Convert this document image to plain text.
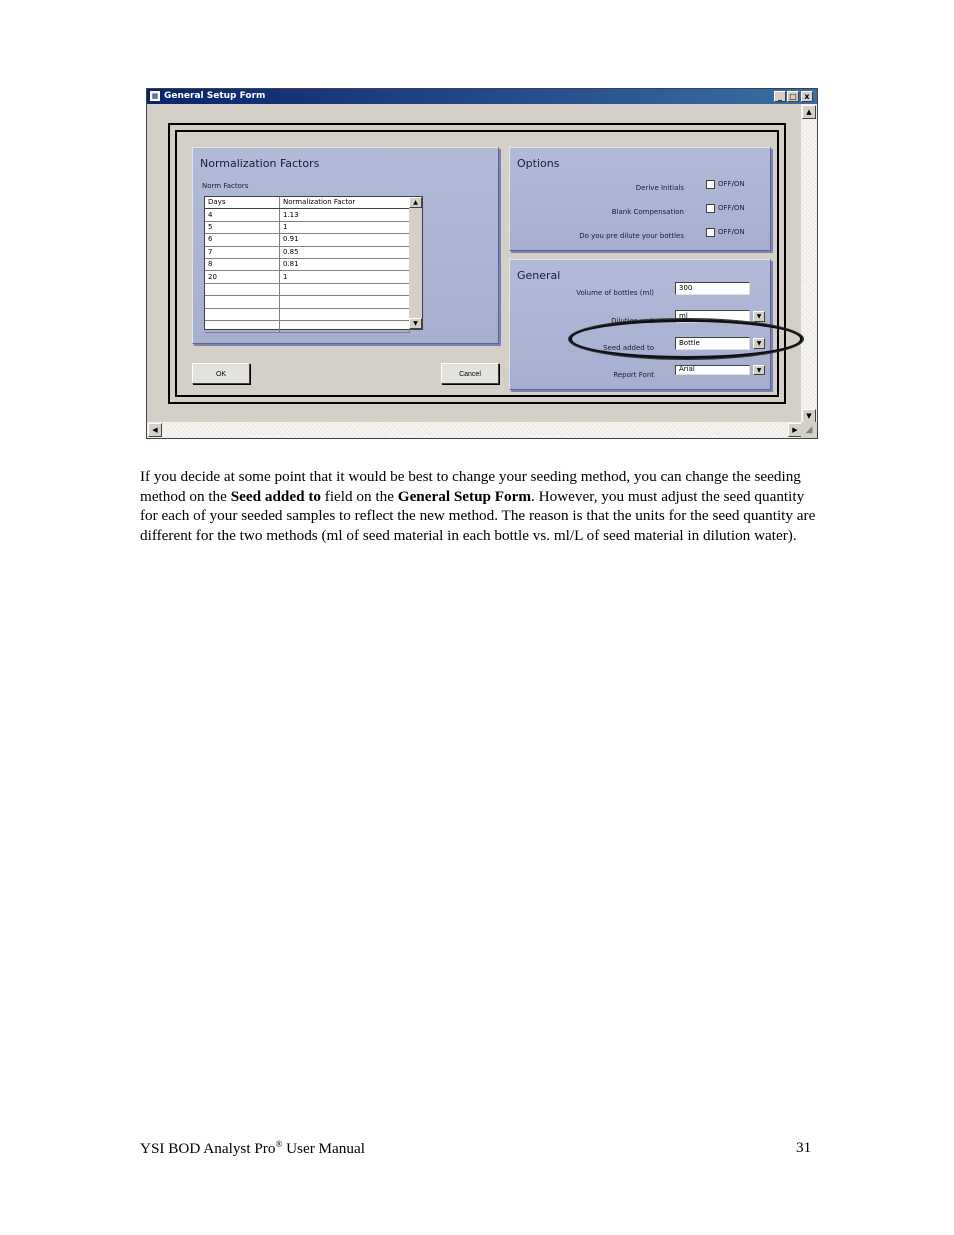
▦ General Setup Form	_ □ x
▲
▼
◀	▶ ◢
Normalization Factors
Norm Factors
Days	Normalization Factor
4	1.13
5	1
6	0.91
7	0.85
8	0.81
20	1

▲
▼
OK	Cancel
Options
Derive Initials	OFF/ON
Blank Compensation	OFF/ON
Do you pre dilute your bottles	OFF/ON
General
Volume of bottles (ml)
300
Dilution unit
ml	▼
Seed added to
Bottle	▼
Report Font
Arial	▼

If you decide at some point that it would be best to change your seeding method, you can change the seeding method on the Seed added to field on the General Setup Form. However, you must adjust the seed quantity for each of your seeded samples to reflect the new method. The reason is that the units for the seed quantity are different for the two methods (ml of seed material in each bottle vs. ml/L of seed material in dilution water).

YSI BOD Analyst Pro® User Manual	31
